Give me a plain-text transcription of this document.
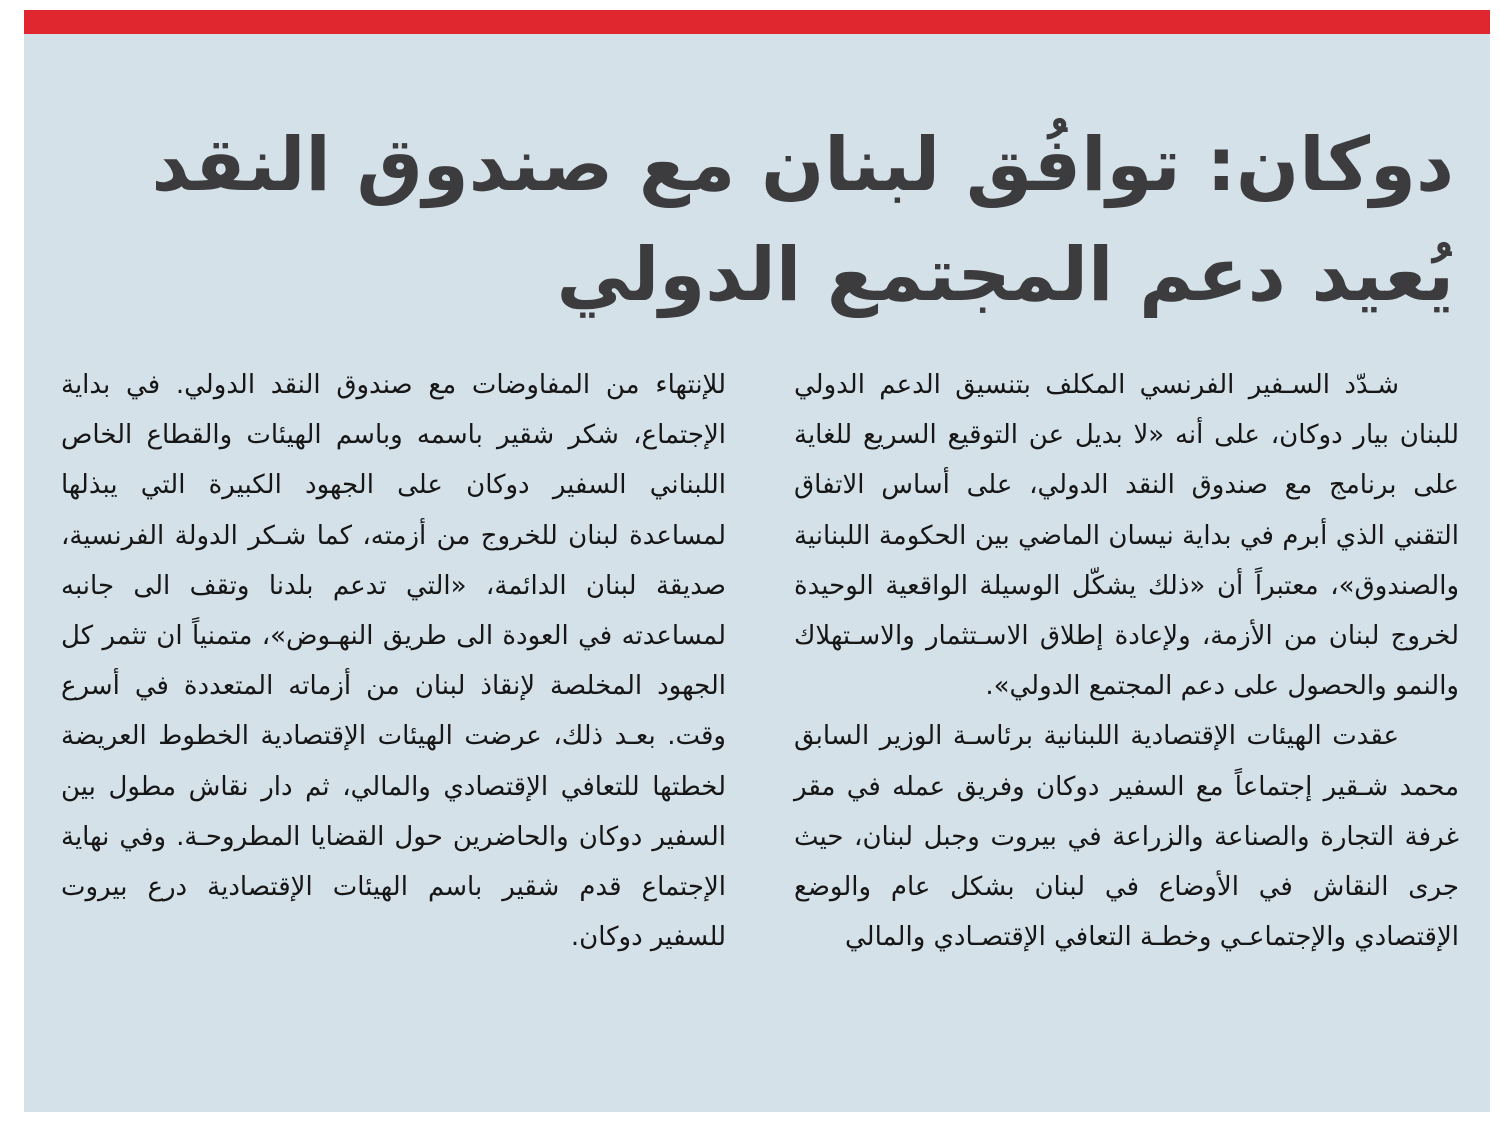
دوكان: توافُق لبنان مع صندوق النقد
يُعيد دعم المجتمع الدولي

شـدّد السـفير الفرنسي المكلف بتنسيق الدعم الدولي للبنان بيار دوكان، على أنه «لا بديل عن التوقيع السريع للغاية على برنامج مع صندوق النقد الدولي، على أساس الاتفاق التقني الذي أبرم في بداية نيسان الماضي بين الحكومة اللبنانية والصندوق»، معتبراً أن «ذلك يشكّل الوسيلة الواقعية الوحيدة لخروج لبنان من الأزمة، ولإعادة إطلاق الاسـتثمار والاسـتهلاك والنمو والحصول على دعم المجتمع الدولي».

عقدت الهيئات الإقتصادية اللبنانية برئاسـة الوزير السابق محمد شـقير إجتماعاً مع السفير دوكان وفريق عمله في مقر غرفة التجارة والصناعة والزراعة في بيروت وجبل لبنان، حيث جرى النقاش في الأوضاع في لبنان بشكل عام والوضع الإقتصادي والإجتماعـي وخطـة التعافي الإقتصـادي والمالي

للإنتهاء من المفاوضات مع صندوق النقد الدولي. في بداية الإجتماع، شكر شقير باسمه وباسم الهيئات والقطاع الخاص اللبناني السفير دوكان على الجهود الكبيرة التي يبذلها لمساعدة لبنان للخروج من أزمته، كما شـكر الدولة الفرنسية، صديقة لبنان الدائمة، «التي تدعم بلدنا وتقف الى جانبه لمساعدته في العودة الى طريق النهـوض»، متمنياً ان تثمر كل الجهود المخلصة لإنقاذ لبنان من أزماته المتعددة في أسرع وقت. بعـد ذلك، عرضت الهيئات الإقتصادية الخطوط العريضة لخطتها للتعافي الإقتصادي والمالي، ثم دار نقاش مطول بين السفير دوكان والحاضرين حول القضايا المطروحـة. وفي نهاية الإجتماع قدم شقير باسم الهيئات الإقتصادية درع بيروت للسفير دوكان.
